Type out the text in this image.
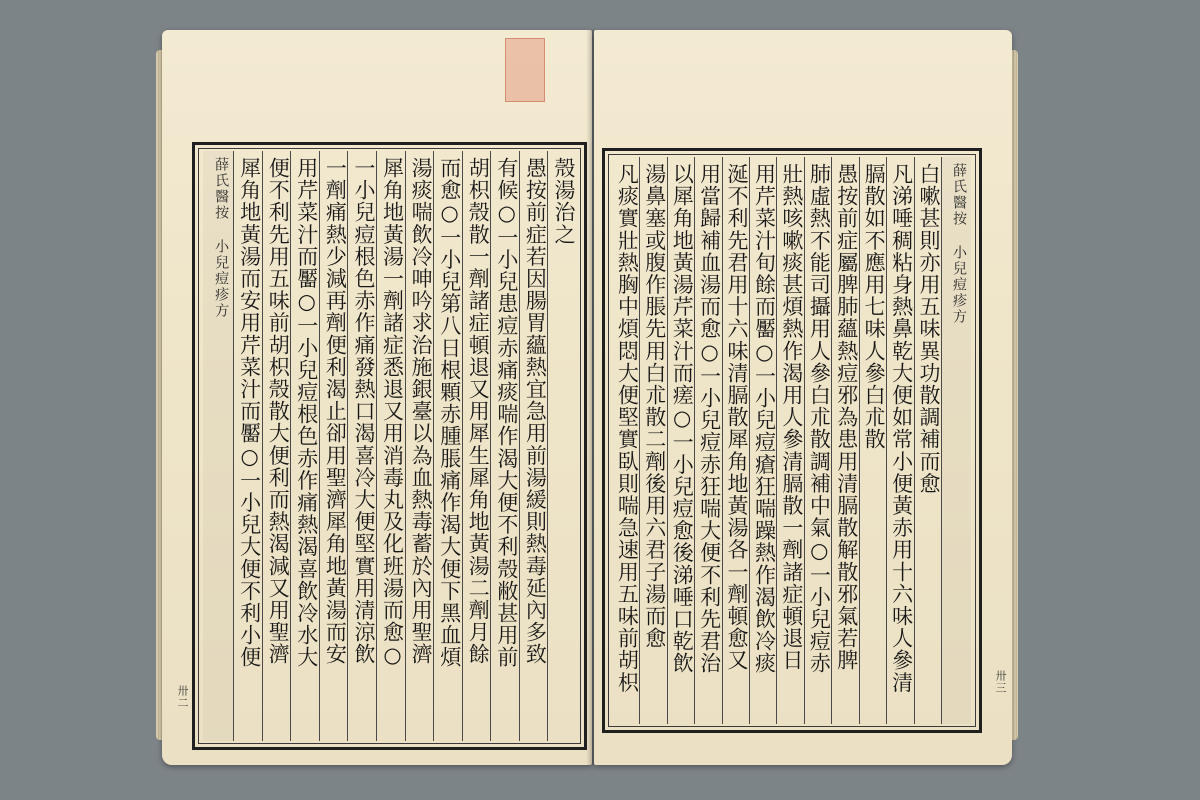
殼湯治之
愚按前症若因腸胃蘊熱宜急用前湯緩則熱毒延內多致
有候○一小兒患痘赤痛痰喘作渴大便不利殼敝甚用前
胡枳殼散一劑諸症頓退又用犀生犀角地黃湯二劑月餘
而愈○一小兒第八日根顆赤腫脹痛作渴大便下黑血煩
湯痰喘飲冷呻吟求治施銀臺以為血熱毒蓄於內用聖濟
犀角地黃湯一劑諸症悉退又用消毒丸及化班湯而愈○
一小兒痘根色赤作痛發熱口渴喜冷大便堅實用清涼飲
一劑痛熱少減再劑便利渴止卻用聖濟犀角地黃湯而安
用芹菜汁而靨○一小兒痘根色赤作痛熱渴喜飲冷水大
便不利先用五味前胡枳殼散大便利而熱渴減又用聖濟
犀角地黃湯而安用芹菜汁而靨○一小兒大便不利小便
薛氏醫按 小兒痘疹方
卅二
薛氏醫按 小兒痘疹方
白嗽甚則亦用五味異功散調補而愈
凡涕唾稠粘身熱鼻乾大便如常小便黃赤用十六味人參清
膈散如不應用七味人參白朮散
愚按前症屬脾肺蘊熱痘邪為患用清膈散解散邪氣若脾
肺虛熱不能司攝用人參白朮散調補中氣○一小兒痘赤
壯熱咳嗽痰甚煩熱作渴用人參清膈散一劑諸症頓退日
用芹菜汁旬餘而靨○一小兒痘瘡狂喘躁熱作渴飲冷痰
涎不利先君用十六味清膈散犀角地黃湯各一劑頓愈又
用當歸補血湯而愈○一小兒痘赤狂喘大便不利先君治
以犀角地黃湯芹菜汁而瘥○一小兒痘愈後涕唾口乾飲
湯鼻塞或腹作脹先用白朮散二劑後用六君子湯而愈
凡痰實壯熱胸中煩悶大便堅實臥則喘急速用五味前胡枳	卅三
